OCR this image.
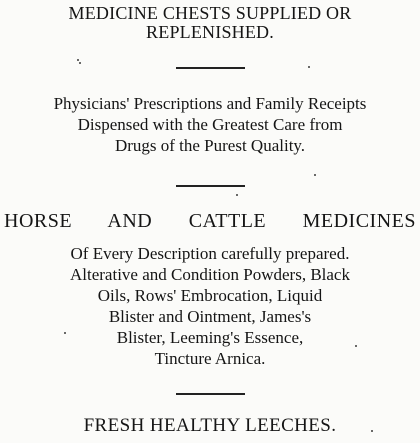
MEDICINE CHESTS SUPPLIED OR
REPLENISHED.
Physicians' Prescriptions and Family Receipts
Dispensed with the Greatest Care from
Drugs of the Purest Quality.
HORSE AND CATTLE MEDICINES
Of Every Description carefully prepared.
Alterative and Condition Powders, Black
Oils, Rows' Embrocation, Liquid
Blister and Ointment, James's
Blister, Leeming's Essence,
Tincture Arnica.
FRESH HEALTHY LEECHES.
